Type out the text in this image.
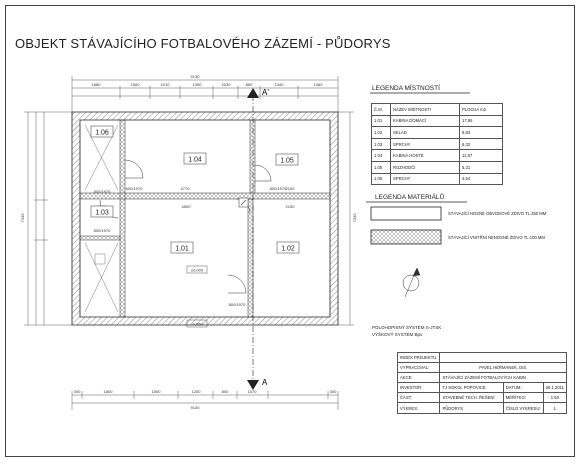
OBJEKT STÁVAJÍCÍHO FOTBALOVÉHO ZÁZEMÍ - PŮDORYS
9130
1680	1500	1010	1350	2030	850	1340	1360
7330	7330
300	1800	1500	1200	800	1070	300
9130
A'
A
800/1970
600/1970
800/1970
800/1970
800/1970
4770	2150
4500	2150
1.06
1.04	1.05
1.03
1.01	1.02
±0,000
-0,050
LEGENDA MÍSTNOSTÍ
Č.M.	NÁZEV MÍSTNOSTI	PLOCHA m2
1.01	KABINA DOMÁCÍ	17,55
1.02	SKLAD	8,83
1.03	SPRCHY	6,32
1.04	KABINA HOSTÉ	11,97
1.05	ROZHODČÍ	5,31
1.06	SPRCHY	3,64
LEGENDA MATERIÁLŮ
STÁVAJÍCÍ NOSNÉ OBVODOVÉ ZDIVO TL.350 MM
STÁVAJÍCÍ VNITŘNÍ NENOSNÉ ZDIVO TL.100 MM
POLOHOPISNÝ SYSTÉM S-JTSK
VÝŠKOVÝ SYSTÉM Bpv
INDEX PROJEKTU:			
VYPRACOVAL:	PAVEL HEŘMÁNEK, DiS.		
AKCE:	STÁVAJÍCÍ ZÁZEMÍ FOTBALOVÝCH KABIN		
INVESTOR:	TJ SOKOL POPOVICE	DATUM:	26.1.2011
ČÁST:	STAVEBNĚ TECH. ŘEŠENÍ	MĚŘÍTKO:	1:50
VÝKRES:	PŮDORYS	ČÍSLO VÝKRESU:	1
